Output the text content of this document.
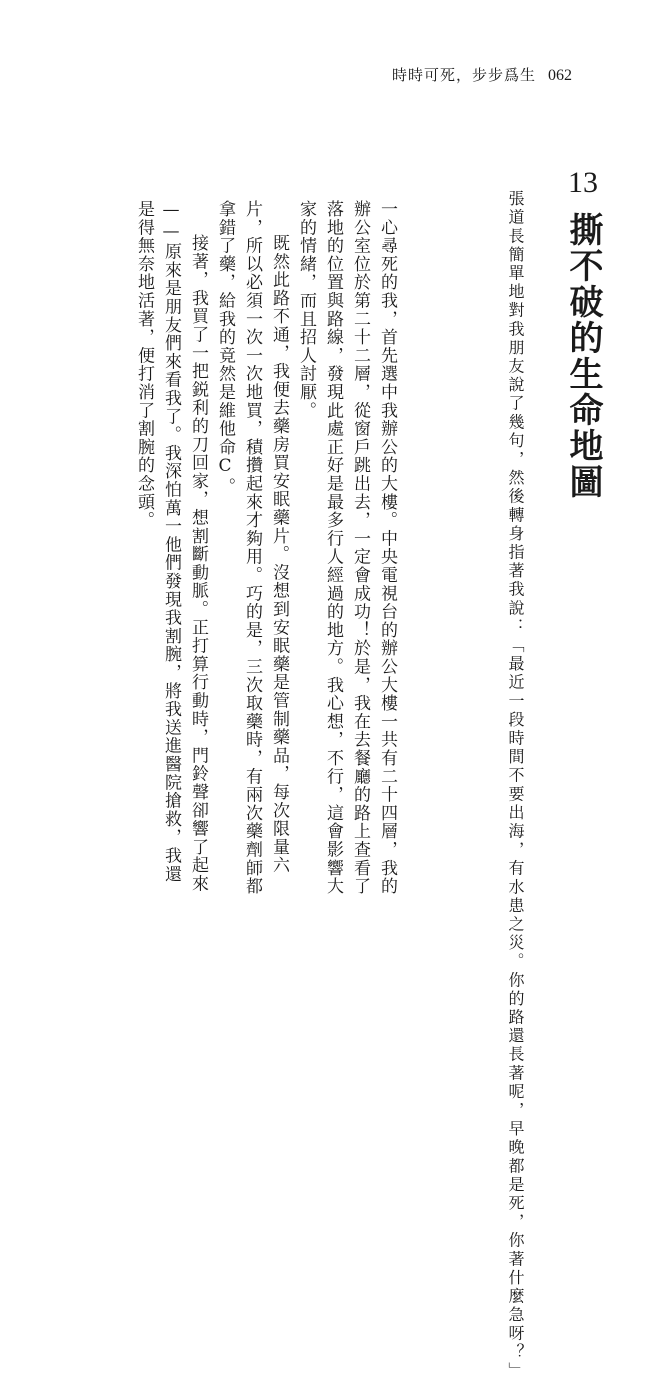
時時可死，步步爲生 062
13
撕不破的生命地圖
張道長簡單地對我朋友說了幾句，然後轉身指著我說：「最近一段時間不要出海，有水患之災。你的路還長著呢，早晚都是死，你著什麼急呀？」

一心尋死的我，首先選中我辦公的大樓。中央電視台的辦公大樓一共有二十四層，我的辦公室位於第二十二層，從窗戶跳出去，一定會成功！於是，我在去餐廳的路上查看了落地的位置與路線，發現此處正好是最多行人經過的地方。我心想，不行，這會影響大家的情緒，而且招人討厭。

既然此路不通，我便去藥房買安眠藥片。沒想到安眠藥是管制藥品，每次限量六片，所以必須一次一次地買，積攢起來才夠用。巧的是，三次取藥時，有兩次藥劑師都拿錯了藥，給我的竟然是維他命C。

接著，我買了一把鋭利的刀回家，想割斷動脈。正打算行動時，門鈴聲卻響了起來——原來是朋友們來看我了。我深怕萬一他們發現我割腕，將我送進醫院搶救，我還是得無奈地活著，便打消了割腕的念頭。
